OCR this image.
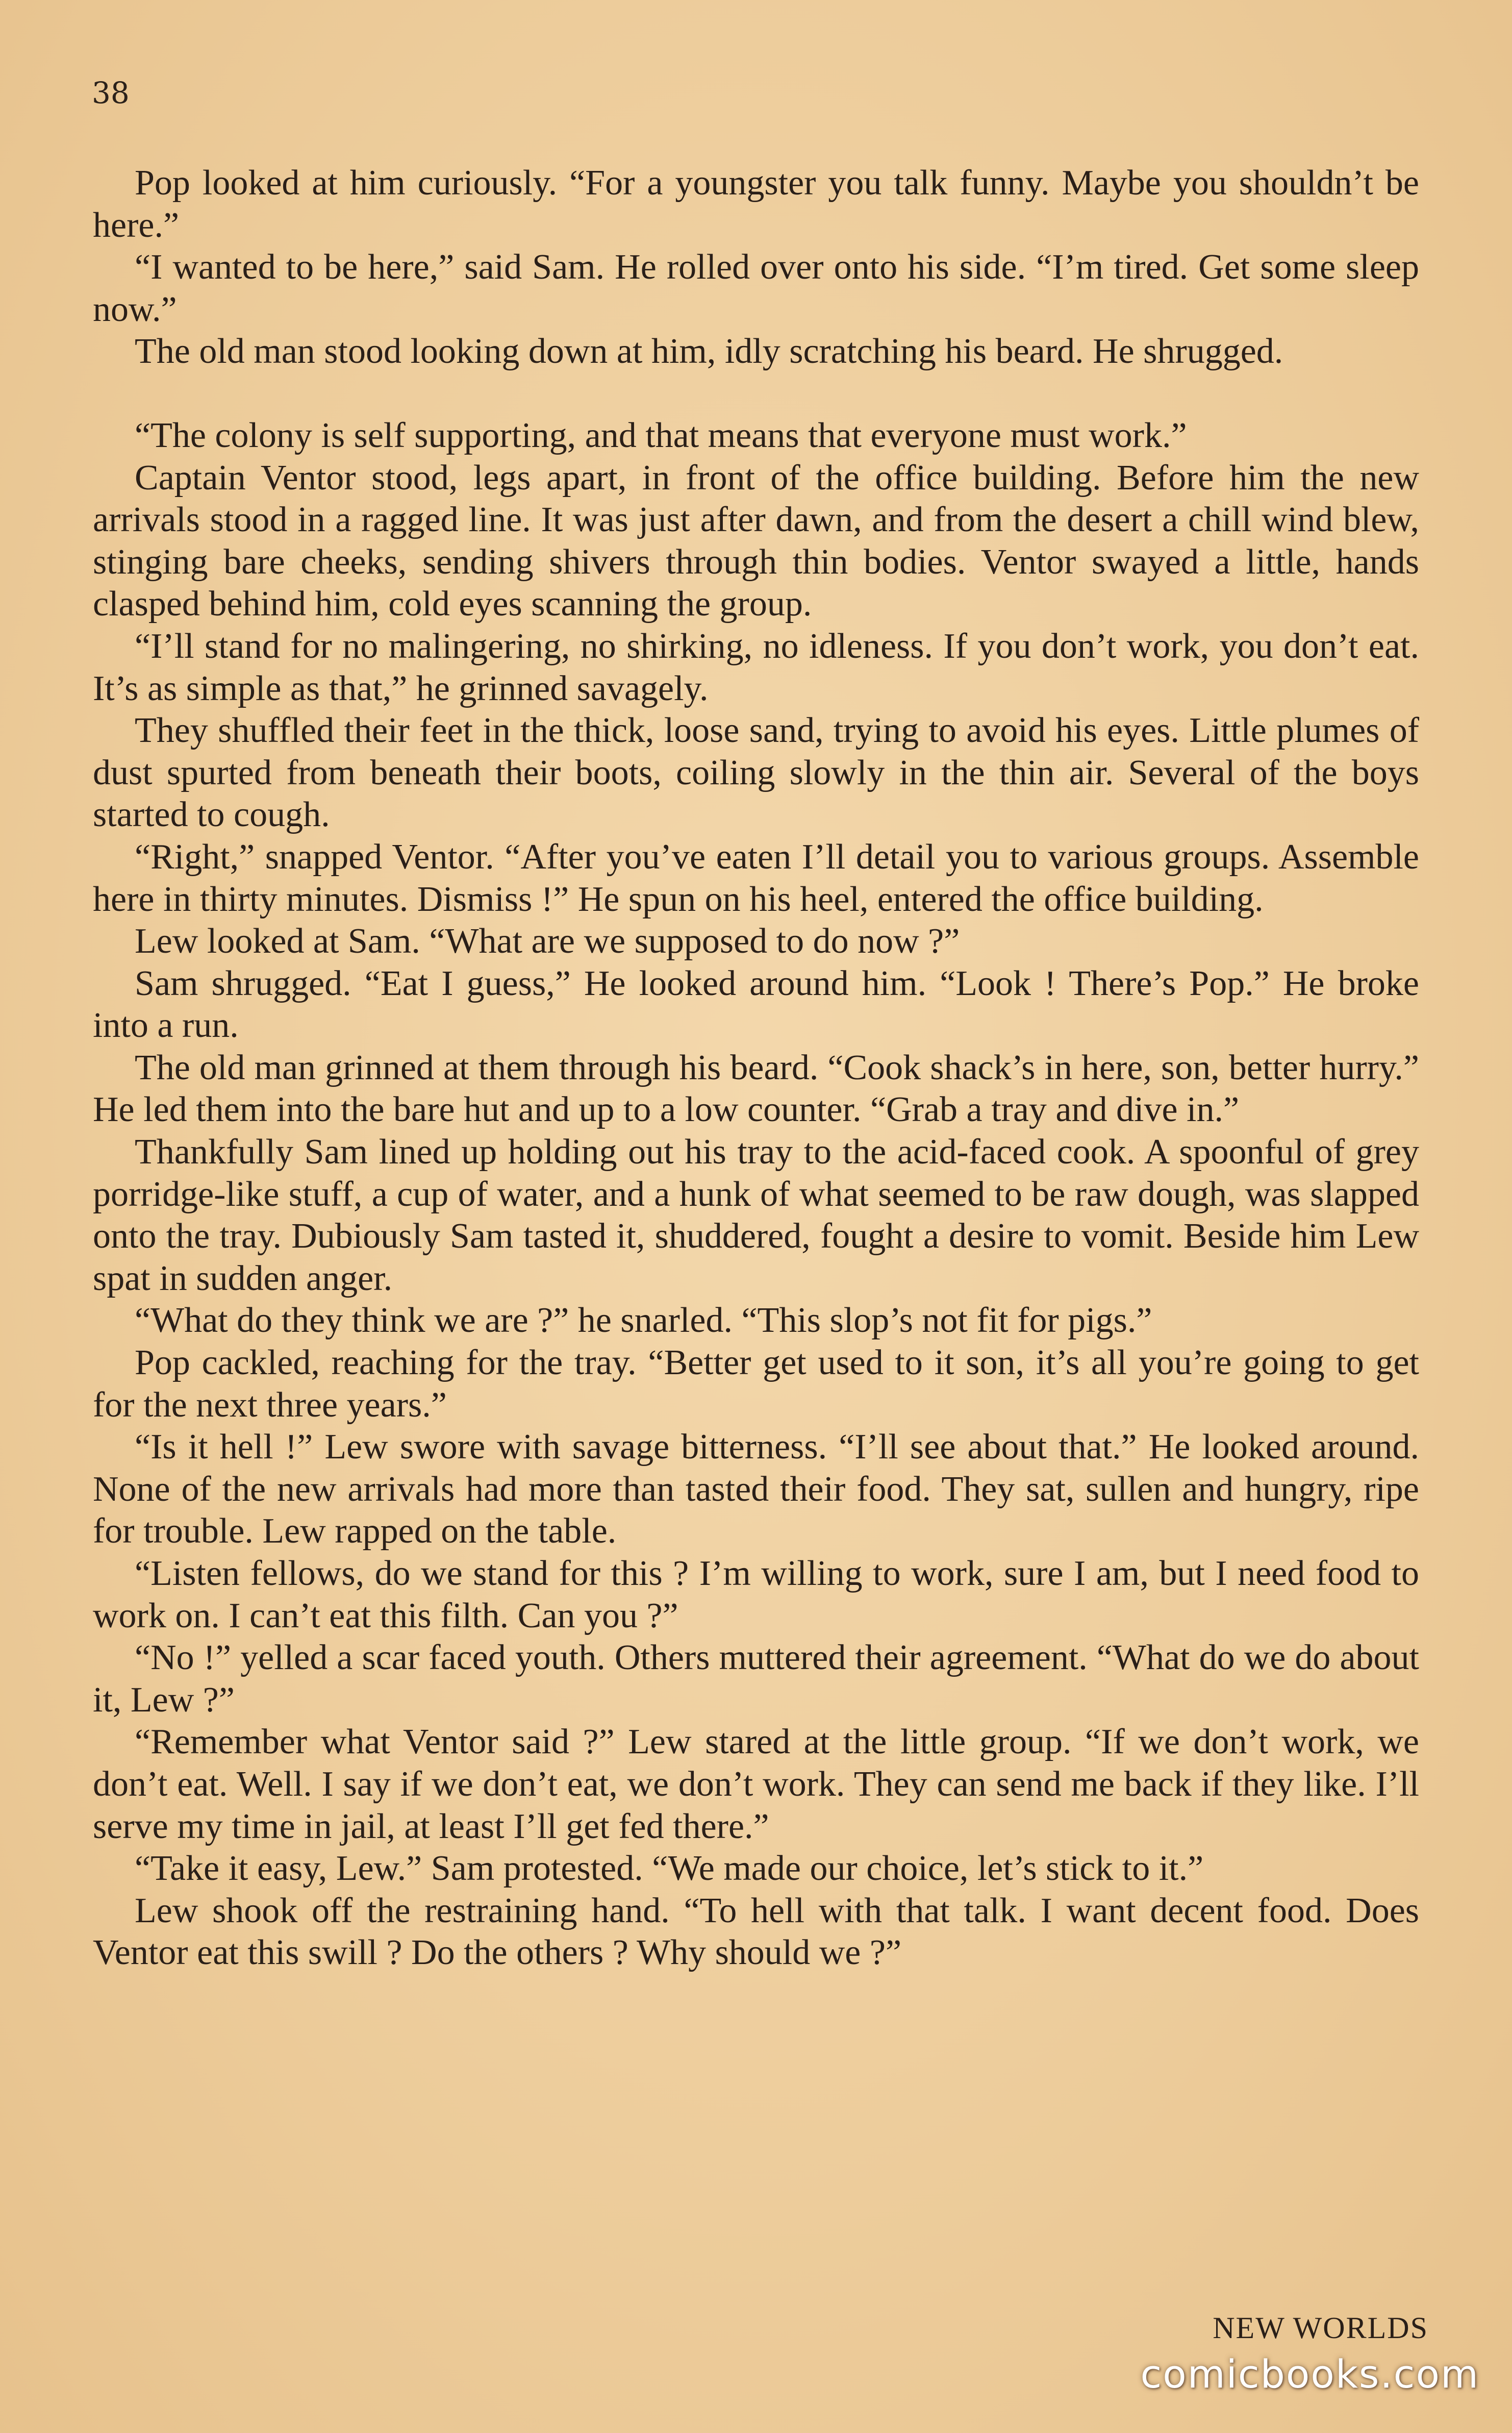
38

Pop looked at him curiously. “For a youngster you talk funny. Maybe you shouldn’t be here.”

“I wanted to be here,” said Sam. He rolled over onto his side. “I’m tired. Get some sleep now.”

The old man stood looking down at him, idly scratching his beard. He shrugged.

“The colony is self supporting, and that means that everyone must work.”

Captain Ventor stood, legs apart, in front of the office building. Before him the new arrivals stood in a ragged line. It was just after dawn, and from the desert a chill wind blew, stinging bare cheeks, sending shivers through thin bodies. Ventor swayed a little, hands clasped behind him, cold eyes scanning the group.

“I’ll stand for no malingering, no shirking, no idleness. If you don’t work, you don’t eat. It’s as simple as that,” he grinned savagely.

They shuffled their feet in the thick, loose sand, trying to avoid his eyes. Little plumes of dust spurted from beneath their boots, coiling slowly in the thin air. Several of the boys started to cough.

“Right,” snapped Ventor. “After you’ve eaten I’ll detail you to various groups. Assemble here in thirty minutes. Dismiss !” He spun on his heel, entered the office building.

Lew looked at Sam. “What are we supposed to do now ?”

Sam shrugged. “Eat I guess,” He looked around him. “Look ! There’s Pop.” He broke into a run.

The old man grinned at them through his beard. “Cook shack’s in here, son, better hurry.” He led them into the bare hut and up to a low counter. “Grab a tray and dive in.”

Thankfully Sam lined up holding out his tray to the acid-faced cook. A spoonful of grey porridge-like stuff, a cup of water, and a hunk of what seemed to be raw dough, was slapped onto the tray. Dubiously Sam tasted it, shuddered, fought a desire to vomit. Beside him Lew spat in sudden anger.

“What do they think we are ?” he snarled. “This slop’s not fit for pigs.”

Pop cackled, reaching for the tray. “Better get used to it son, it’s all you’re going to get for the next three years.”

“Is it hell !” Lew swore with savage bitterness. “I’ll see about that.” He looked around. None of the new arrivals had more than tasted their food. They sat, sullen and hungry, ripe for trouble. Lew rapped on the table.

“Listen fellows, do we stand for this ? I’m willing to work, sure I am, but I need food to work on. I can’t eat this filth. Can you ?”

“No !” yelled a scar faced youth. Others muttered their agreement. “What do we do about it, Lew ?”

“Remember what Ventor said ?” Lew stared at the little group. “If we don’t work, we don’t eat. Well. I say if we don’t eat, we don’t work. They can send me back if they like. I’ll serve my time in jail, at least I’ll get fed there.”

“Take it easy, Lew.” Sam protested. “We made our choice, let’s stick to it.”

Lew shook off the restraining hand. “To hell with that talk. I want decent food. Does Ventor eat this swill ? Do the others ? Why should we ?”

NEW WORLDS

comicbooks.com
